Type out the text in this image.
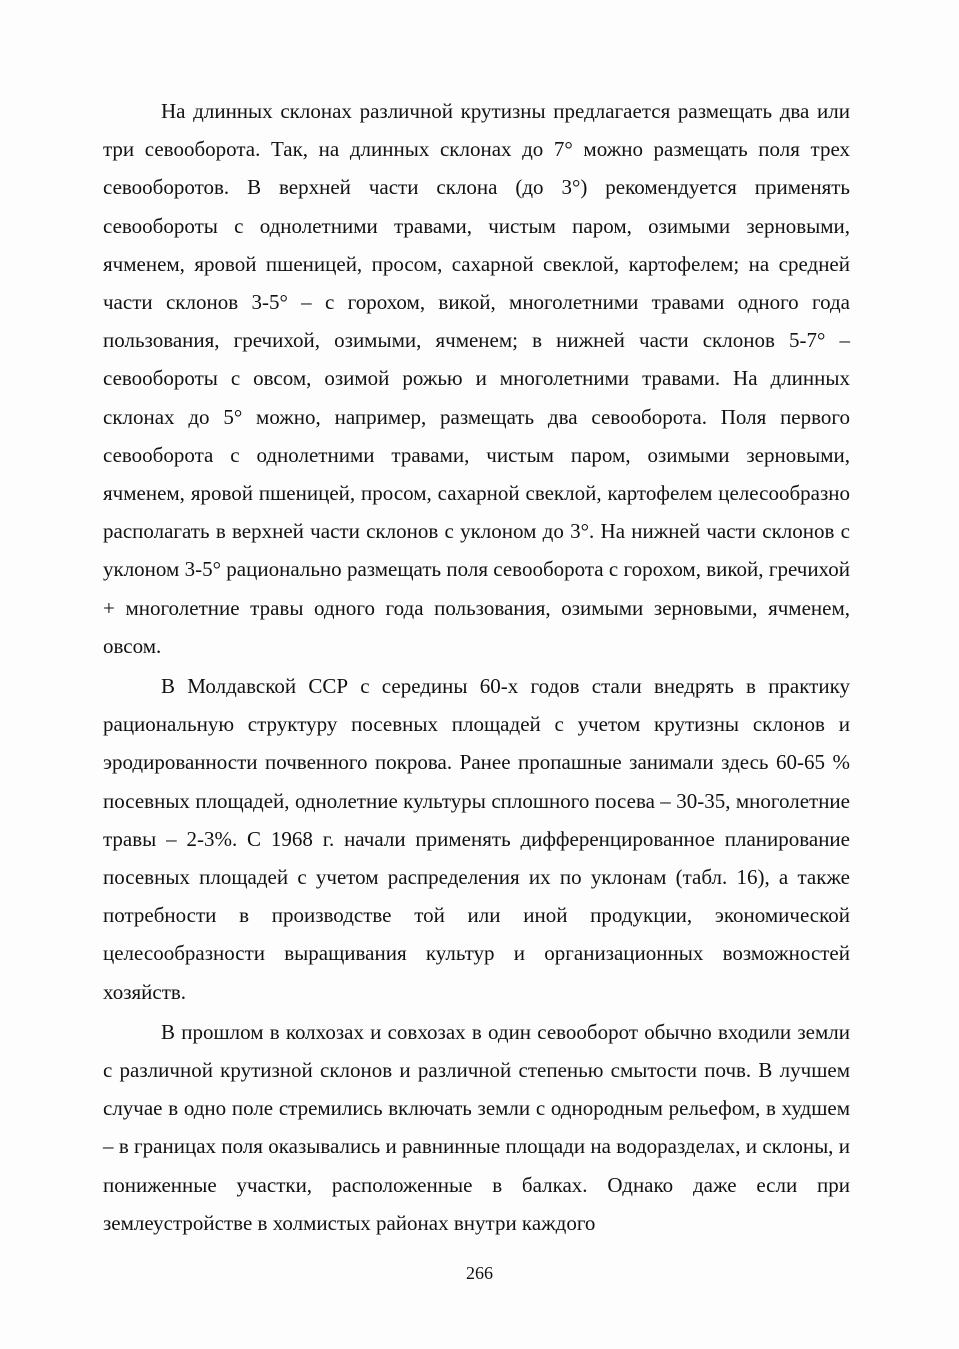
На длинных склонах различной крутизны предлагается размещать два или три севооборота. Так, на длинных склонах до 7° можно размещать поля трех севооборотов. В верхней части склона (до 3°) рекомендуется применять севообороты с однолетними травами, чистым паром, озимыми зерновыми, ячменем, яровой пшеницей, просом, сахарной свеклой, картофелем; на средней части склонов 3-5° – с горохом, викой, многолетними травами одного года пользования, гречихой, озимыми, ячменем; в нижней части склонов 5-7° – севообороты с овсом, озимой рожью и многолетними травами. На длинных склонах до 5° можно, например, размещать два севооборота. Поля первого севооборота с однолетними травами, чистым паром, озимыми зерновыми, ячменем, яровой пшеницей, просом, сахарной свеклой, картофелем целесообразно располагать в верхней части склонов с уклоном до 3°. На нижней части склонов с уклоном 3-5° рационально размещать поля севооборота с горохом, викой, гречихой + многолетние травы одного года пользования, озимыми зерновыми, ячменем, овсом.

В Молдавской ССР с середины 60-х годов стали внедрять в практику рациональную структуру посевных площадей с учетом крутизны склонов и эродированности почвенного покрова. Ранее пропашные занимали здесь 60-65 % посевных площадей, однолетние культуры сплошного посева – 30-35, многолетние травы – 2-3%. С 1968 г. начали применять дифференцированное планирование посевных площадей с учетом распределения их по уклонам (табл. 16), а также потребности в производстве той или иной продукции, экономической целесообразности выращивания культур и организационных возможностей хозяйств.

В прошлом в колхозах и совхозах в один севооборот обычно входили земли с различной крутизной склонов и различной степенью смытости почв. В лучшем случае в одно поле стремились включать земли с однородным рельефом, в худшем – в границах поля оказывались и равнинные площади на водоразделах, и склоны, и пониженные участки, расположенные в балках. Однако даже если при землеустройстве в холмистых районах внутри каждого

266
